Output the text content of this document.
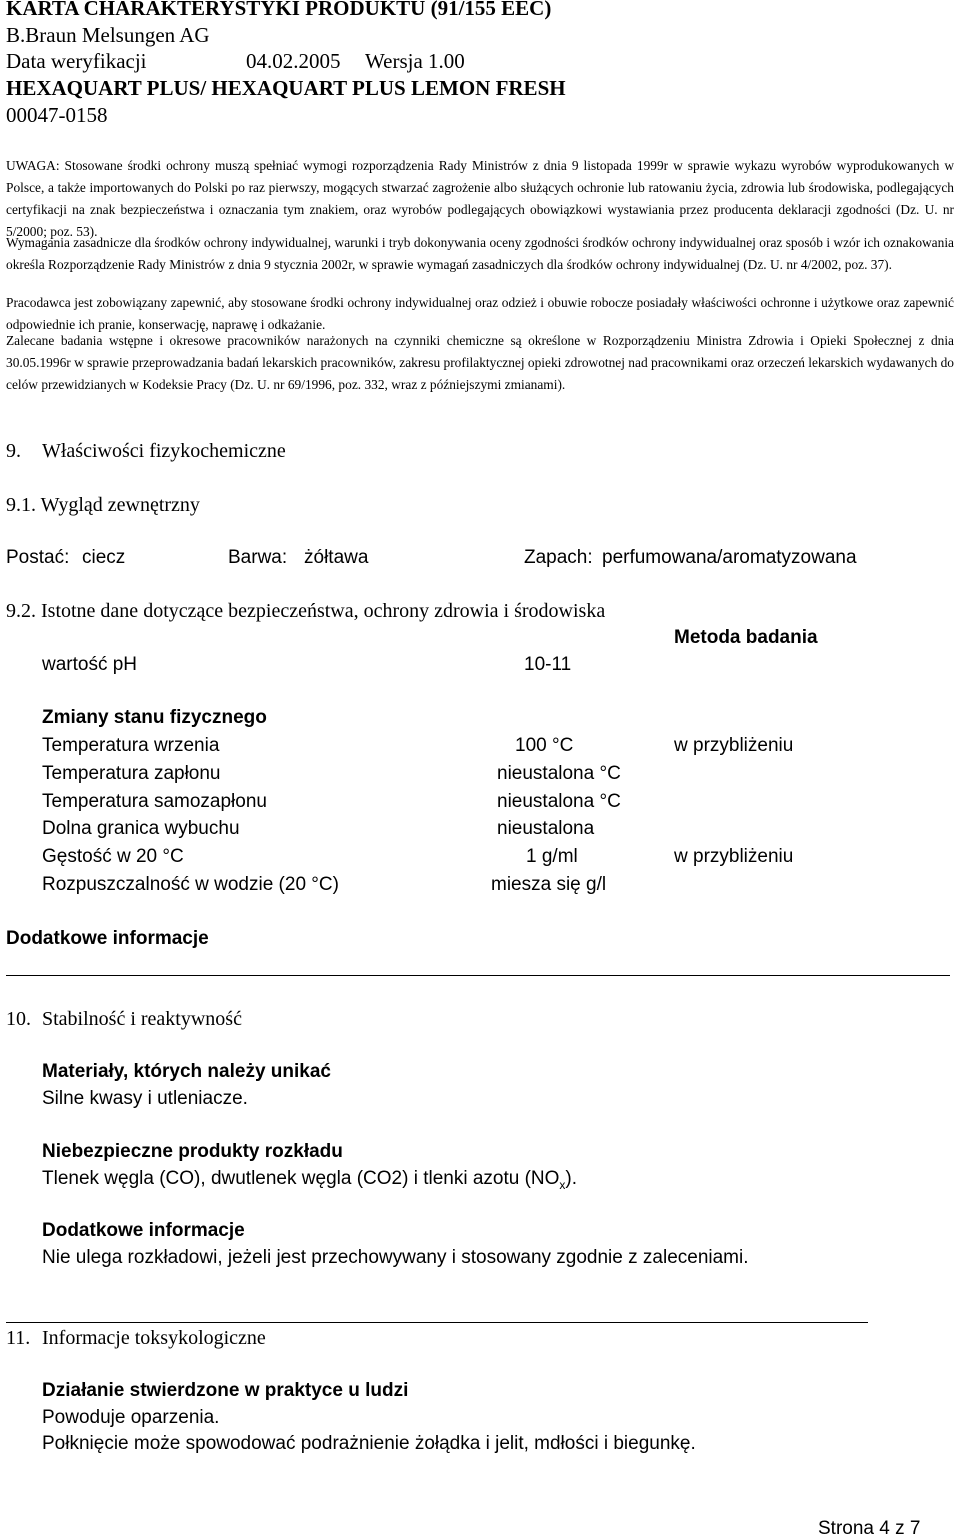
KARTA CHARAKTERYSTYKI PRODUKTU (91/155 EEC)
B.Braun Melsungen AG
Data weryfikacji	04.02.2005 Wersja 1.00
HEXAQUART PLUS/ HEXAQUART PLUS LEMON FRESH
00047-0158
UWAGA: Stosowane środki ochrony muszą spełniać wymogi rozporządzenia Rady Ministrów z dnia 9 listopada 1999r w sprawie wykazu wyrobów wyprodukowanych w Polsce, a także importowanych do Polski po raz pierwszy, mogących stwarzać zagrożenie albo służących ochronie lub ratowaniu życia, zdrowia lub środowiska, podlegających certyfikacji na znak bezpieczeństwa i oznaczania tym znakiem, oraz wyrobów podlegających obowiązkowi wystawiania przez producenta deklaracji zgodności (Dz. U. nr 5/2000; poz. 53).
Wymagania zasadnicze dla środków ochrony indywidualnej, warunki i tryb dokonywania oceny zgodności środków ochrony indywidualnej oraz sposób i wzór ich oznakowania określa Rozporządzenie Rady Ministrów z dnia 9 stycznia 2002r, w sprawie wymagań zasadniczych dla środków ochrony indywidualnej (Dz. U. nr 4/2002, poz. 37).
Pracodawca jest zobowiązany zapewnić, aby stosowane środki ochrony indywidualnej oraz odzież i obuwie robocze posiadały właściwości ochronne i użytkowe oraz zapewnić odpowiednie ich pranie, konserwację, naprawę i odkażanie.
Zalecane badania wstępne i okresowe pracowników narażonych na czynniki chemiczne są określone w Rozporządzeniu Ministra Zdrowia i Opieki Społecznej z dnia 30.05.1996r w sprawie przeprowadzania badań lekarskich pracowników, zakresu profilaktycznej opieki zdrowotnej nad pracownikami oraz orzeczeń lekarskich wydawanych do celów przewidzianych w Kodeksie Pracy (Dz. U. nr 69/1996, poz. 332, wraz z późniejszymi zmianami).
9. Właściwości fizykochemiczne
9.1. Wygląd zewnętrzny
Postać: ciecz	Barwa: żółtawa	Zapach: perfumowana/aromatyzowana
9.2. Istotne dane dotyczące bezpieczeństwa, ochrony zdrowia i środowiska
Metoda badania
wartość pH	10-11
Zmiany stanu fizycznego
Temperatura wrzenia	100 °C	w przybliżeniu
Temperatura zapłonu	nieustalona °C
Temperatura samozapłonu	nieustalona °C
Dolna granica wybuchu	nieustalona
Gęstość w 20 °C	1 g/ml	w przybliżeniu
Rozpuszczalność w wodzie (20 °C)	miesza się g/l
Dodatkowe informacje
10. Stabilność i reaktywność
Materiały, których należy unikać
Silne kwasy i utleniacze.
Niebezpieczne produkty rozkładu
Tlenek węgla (CO), dwutlenek węgla (CO2) i tlenki azotu $(NO_x)$.
Dodatkowe informacje
Nie ulega rozkładowi, jeżeli jest przechowywany i stosowany zgodnie z zaleceniami.
11. Informacje toksykologiczne
Działanie stwierdzone w praktyce u ludzi
Powoduje oparzenia.
Połknięcie może spowodować podrażnienie żołądka i jelit, mdłości i biegunkę.
Strona 4 z 7
